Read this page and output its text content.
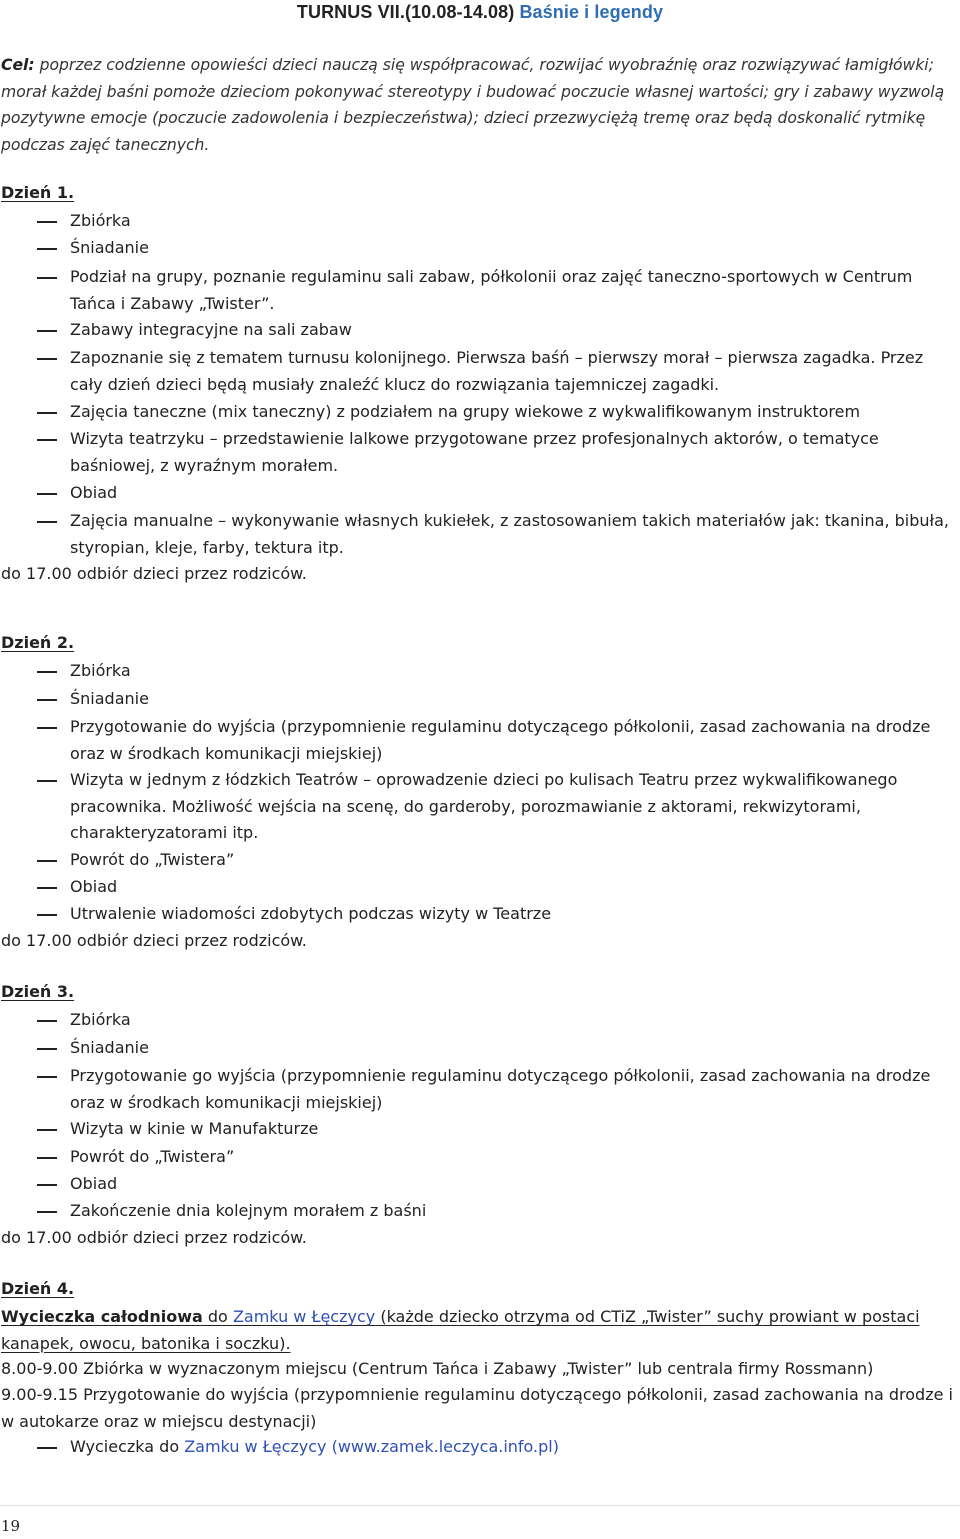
TURNUS VII.(10.08-14.08) Baśnie i legendy
Cel: poprzez codzienne opowieści dzieci nauczą się współpracować, rozwijać wyobraźnię oraz rozwiązywać łamigłówki; morał każdej baśni pomoże dzieciom pokonywać stereotypy i budować poczucie własnej wartości; gry i zabawy wyzwolą pozytywne emocje (poczucie zadowolenia i bezpieczeństwa); dzieci przezwyciężą tremę oraz będą doskonalić rytmikę podczas zajęć tanecznych.
Dzień 1.
Zbiórka
Śniadanie
Podział na grupy, poznanie regulaminu sali zabaw, półkolonii oraz zajęć taneczno-sportowych w Centrum Tańca i Zabawy „Twister”.
Zabawy integracyjne na sali zabaw
Zapoznanie się z tematem turnusu kolonijnego. Pierwsza baśń – pierwszy morał – pierwsza zagadka. Przez cały dzień dzieci będą musiały znaleźć klucz do rozwiązania tajemniczej zagadki.
Zajęcia taneczne (mix taneczny) z podziałem na grupy wiekowe z wykwalifikowanym instruktorem
Wizyta teatrzyku – przedstawienie lalkowe przygotowane przez profesjonalnych aktorów, o tematyce baśniowej, z wyraźnym morałem.
Obiad
Zajęcia manualne – wykonywanie własnych kukiełek, z zastosowaniem takich materiałów jak: tkanina, bibuła, styropian, kleje, farby, tektura itp.
do 17.00 odbiór dzieci przez rodziców.
Dzień 2.
Zbiórka
Śniadanie
Przygotowanie do wyjścia (przypomnienie regulaminu dotyczącego półkolonii, zasad zachowania na drodze oraz w środkach komunikacji miejskiej)
Wizyta w jednym z łódzkich Teatrów – oprowadzenie dzieci po kulisach Teatru przez wykwalifikowanego pracownika. Możliwość wejścia na scenę, do garderoby, porozmawianie z aktorami, rekwizytorami, charakteryzatorami itp.
Powrót do „Twistera”
Obiad
Utrwalenie wiadomości zdobytych podczas wizyty w Teatrze
do 17.00 odbiór dzieci przez rodziców.
Dzień 3.
Zbiórka
Śniadanie
Przygotowanie go wyjścia (przypomnienie regulaminu dotyczącego półkolonii, zasad zachowania na drodze oraz w środkach komunikacji miejskiej)
Wizyta w kinie w Manufakturze
Powrót do „Twistera”
Obiad
Zakończenie dnia kolejnym morałem z baśni
do 17.00 odbiór dzieci przez rodziców.
Dzień 4.
Wycieczka całodniowa do Zamku w Łęczycy (każde dziecko otrzyma od CTiZ „Twister” suchy prowiant w postaci kanapek, owocu, batonika i soczku).
8.00-9.00 Zbiórka w wyznaczonym miejscu (Centrum Tańca i Zabawy „Twister” lub centrala firmy Rossmann)
9.00-9.15 Przygotowanie do wyjścia (przypomnienie regulaminu dotyczącego półkolonii, zasad zachowania na drodze i w autokarze oraz w miejscu destynacji)
Wycieczka do Zamku w Łęczycy (www.zamek.leczyca.info.pl)
19
